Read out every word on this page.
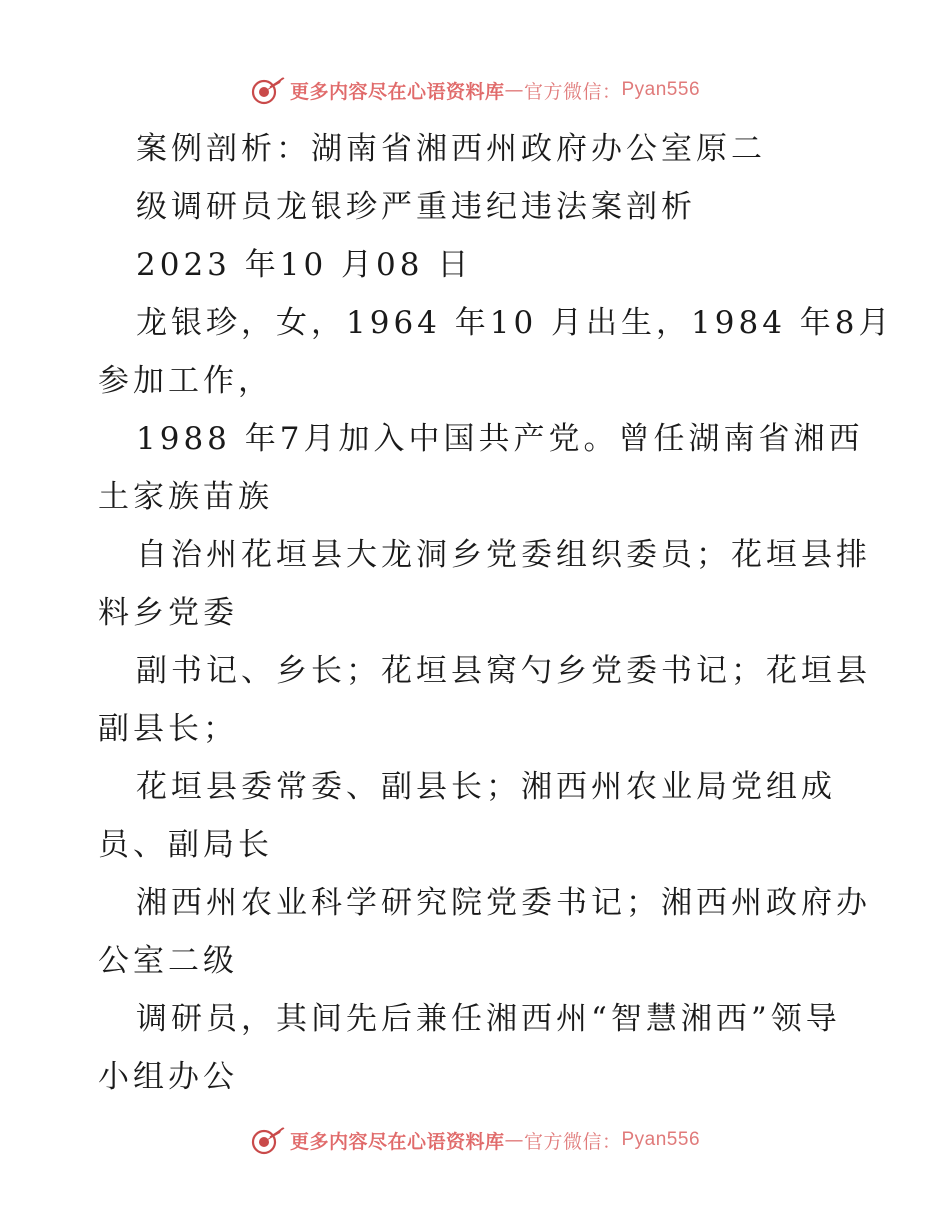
更多内容尽在心语资料库 — 官方微信： Pyan556
案例剖析：湖南省湘西州政府办公室原二
级调研员龙银珍严重违纪违法案剖析
2023 年10 月08 日
龙银珍，女，1964 年10 月出生，1984 年8月
参加工作，
1988 年7月加入中国共产党。曾任湖南省湘西
土家族苗族
自治州花垣县大龙洞乡党委组织委员；花垣县排
料乡党委
副书记、乡长；花垣县窝勺乡党委书记；花垣县
副县长；
花垣县委常委、副县长；湘西州农业局党组成
员、副局长
湘西州农业科学研究院党委书记；湘西州政府办
公室二级
调研员，其间先后兼任湘西州“智慧湘西”领导
小组办公
更多内容尽在心语资料库 — 官方微信： Pyan556
